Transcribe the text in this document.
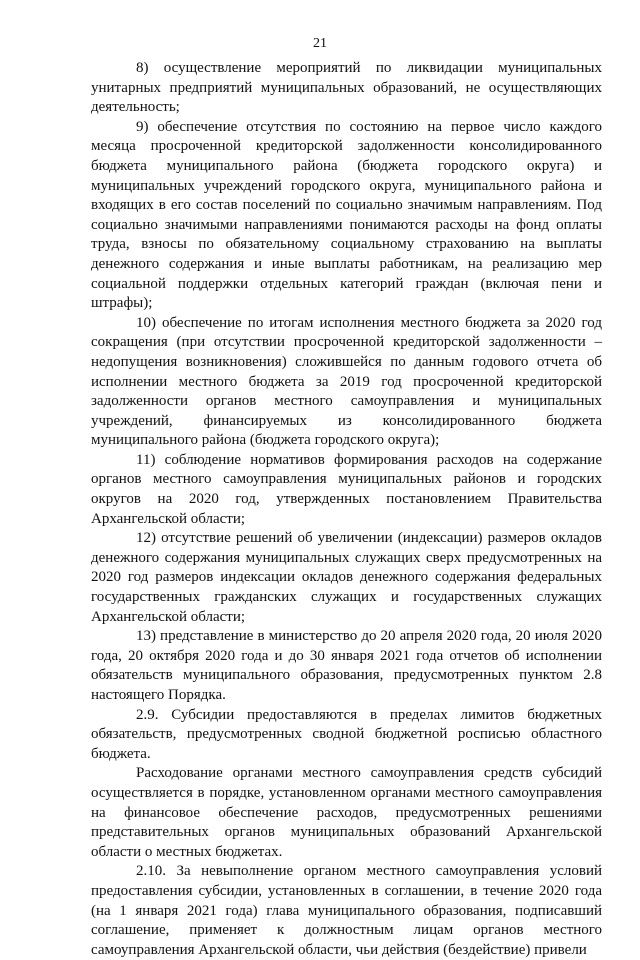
21

8) осуществление мероприятий по ликвидации муниципальных унитарных предприятий муниципальных образований, не осуществляющих деятельность;

9) обеспечение отсутствия по состоянию на первое число каждого месяца просроченной кредиторской задолженности консолидированного бюджета муниципального района (бюджета городского округа) и муниципальных учреждений городского округа, муниципального района и входящих в его состав поселений по социально значимым направлениям. Под социально значимыми направлениями понимаются расходы на фонд оплаты труда, взносы по обязательному социальному страхованию на выплаты денежного содержания и иные выплаты работникам, на реализацию мер социальной поддержки отдельных категорий граждан (включая пени и штрафы);

10) обеспечение по итогам исполнения местного бюджета за 2020 год сокращения (при отсутствии просроченной кредиторской задолженности – недопущения возникновения) сложившейся по данным годового отчета об исполнении местного бюджета за 2019 год просроченной кредиторской задолженности органов местного самоуправления и муниципальных учреждений, финансируемых из консолидированного бюджета муниципального района (бюджета городского округа);

11) соблюдение нормативов формирования расходов на содержание органов местного самоуправления муниципальных районов и городских округов на 2020 год, утвержденных постановлением Правительства Архангельской области;

12) отсутствие решений об увеличении (индексации) размеров окладов денежного содержания муниципальных служащих сверх предусмотренных на 2020 год размеров индексации окладов денежного содержания федеральных государственных гражданских служащих и государственных служащих Архангельской области;

13) представление в министерство до 20 апреля 2020 года, 20 июля 2020 года, 20 октября 2020 года и до 30 января 2021 года отчетов об исполнении обязательств муниципального образования, предусмотренных пунктом 2.8 настоящего Порядка.

2.9. Субсидии предоставляются в пределах лимитов бюджетных обязательств, предусмотренных сводной бюджетной росписью областного бюджета.

Расходование органами местного самоуправления средств субсидий осуществляется в порядке, установленном органами местного самоуправления на финансовое обеспечение расходов, предусмотренных решениями представительных органов муниципальных образований Архангельской области о местных бюджетах.

2.10. За невыполнение органом местного самоуправления условий предоставления субсидии, установленных в соглашении, в течение 2020 года (на 1 января 2021 года) глава муниципального образования, подписавший соглашение, применяет к должностным лицам органов местного самоуправления Архангельской области, чьи действия (бездействие) привели
